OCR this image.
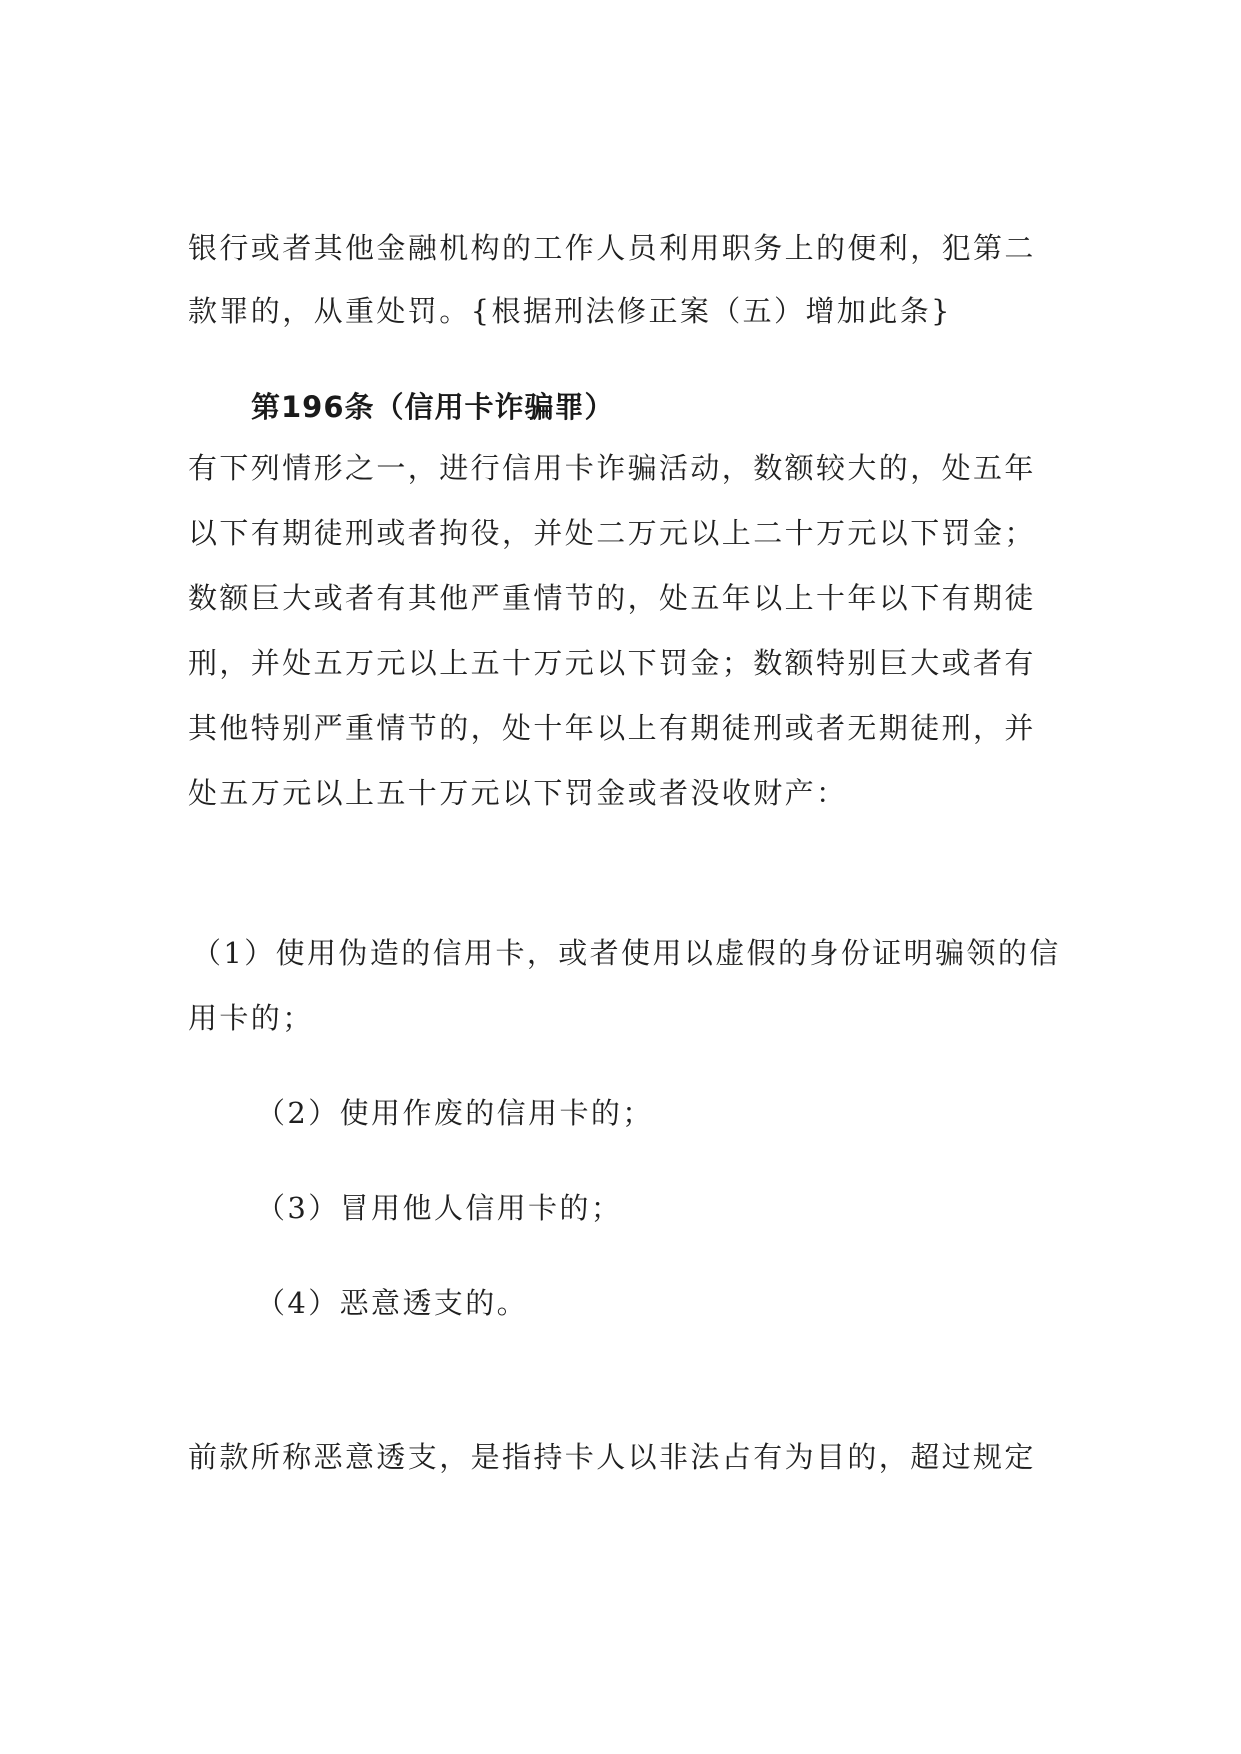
银行或者其他金融机构的工作人员利用职务上的便利，犯第二
款罪的，从重处罚。{根据刑法修正案（五）增加此条}
第196条（信用卡诈骗罪）
有下列情形之一，进行信用卡诈骗活动，数额较大的，处五年
以下有期徒刑或者拘役，并处二万元以上二十万元以下罚金；
数额巨大或者有其他严重情节的，处五年以上十年以下有期徒
刑，并处五万元以上五十万元以下罚金；数额特别巨大或者有
其他特别严重情节的，处十年以上有期徒刑或者无期徒刑，并
处五万元以上五十万元以下罚金或者没收财产：
（1）使用伪造的信用卡，或者使用以虚假的身份证明骗领的信
用卡的；
（2）使用作废的信用卡的；
（3）冒用他人信用卡的；
（4）恶意透支的。
前款所称恶意透支，是指持卡人以非法占有为目的，超过规定
